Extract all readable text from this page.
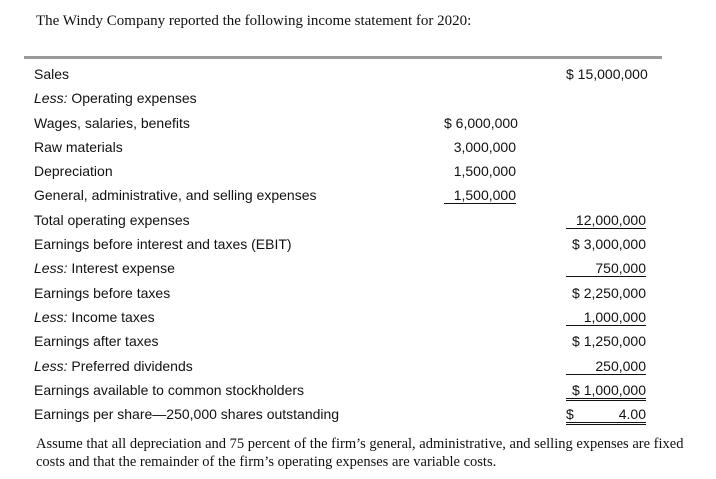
The Windy Company reported the following income statement for 2020:
Sales	$ 15,000,000
Less: Operating expenses
Wages, salaries, benefits	$ 6,000,000
Raw materials	3,000,000
Depreciation	1,500,000
General, administrative, and selling expenses	1,500,000
Total operating expenses	12,000,000
Earnings before interest and taxes (EBIT)	$ 3,000,000
Less: Interest expense	750,000
Earnings before taxes	$ 2,250,000
Less: Income taxes	1,000,000
Earnings after taxes	$ 1,250,000
Less: Preferred dividends	250,000
Earnings available to common stockholders	$ 1,000,000
Earnings per share—250,000 shares outstanding	$	4.00
Assume that all depreciation and 75 percent of the firm’s general, administrative, and selling expenses are fixed costs and that the remainder of the firm’s operating expenses are variable costs.
